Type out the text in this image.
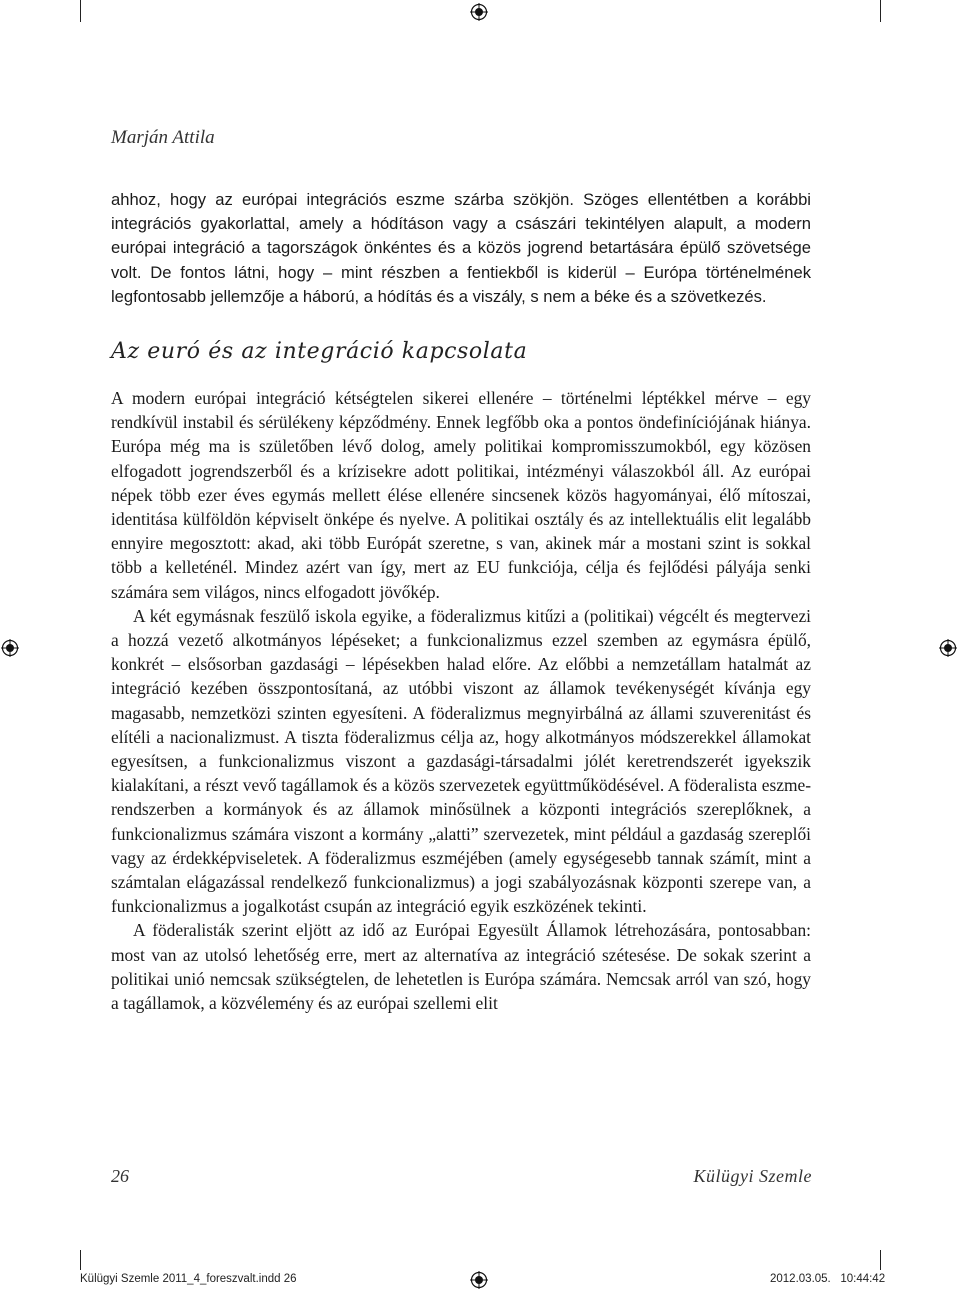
Marján Attila

ahhoz, hogy az európai integrációs eszme szárba szökjön. Szöges ellentétben a korábbi integrációs gyakorlattal, amely a hódításon vagy a császári tekintélyen alapult, a modern európai integráció a tagországok önkéntes és a közös jogrend betartására épülő szövetsége volt. De fontos látni, hogy – mint részben a fentiekből is kiderül – Európa történelmének legfontosabb jellemzője a háború, a hódítás és a viszály, s nem a béke és a szövetkezés.

Az euró és az integráció kapcsolata

A modern európai integráció kétségtelen sikerei ellenére – történelmi léptékkel mérve – egy rendkívül instabil és sérülékeny képződmény. Ennek legfőbb oka a pontos öndefiníciójának hiánya. Európa még ma is születőben lévő dolog, amely politikai kompromisszumokból, egy közösen elfogadott jogrendszerből és a krízisekre adott politikai, intézményi válaszokból áll. Az európai népek több ezer éves egymás mellett élése ellenére sincsenek közös hagyományai, élő mítoszai, identitása külföldön képviselt önképe és nyelve. A politikai osztály és az intellektuális elit legalább ennyire megosztott: akad, aki több Európát szeretne, s van, akinek már a mostani szint is sokkal több a kelleténél. Mindez azért van így, mert az EU funkciója, célja és fejlődési pályája senki számára sem világos, nincs elfogadott jövőkép.

A két egymásnak feszülő iskola egyike, a föderalizmus kitűzi a (politikai) végcélt és megtervezi a hozzá vezető alkotmányos lépéseket; a funkcionalizmus ezzel szemben az egymásra épülő, konkrét – elsősorban gazdasági – lépésekben halad előre. Az előbbi a nemzetállam hatalmát az integráció kezében összpontosítaná, az utóbbi viszont az államok tevékenységét kívánja egy magasabb, nemzetközi szinten egyesíteni. A föderalizmus megnyirbálná az állami szuverenitást és elítéli a nacionalizmust. A tiszta föderalizmus célja az, hogy alkotmányos módszerekkel államokat egyesítsen, a funkcionalizmus viszont a gazdasági-társadalmi jólét keretrendszerét igyekszik kialakítani, a részt vevő tagállamok és a közös szervezetek együttműködésével. A föderalista eszmerendszerben a kormányok és az államok minősülnek a központi integrációs szereplőknek, a funkcionalizmus számára viszont a kormány „alatti” szervezetek, mint például a gazdaság szereplői vagy az érdekképviseletek. A föderalizmus eszméjében (amely egységesebb tannak számít, mint a számtalan elágazással rendelkező funkcionalizmus) a jogi szabályozásnak központi szerepe van, a funkcionalizmus a jogalkotást csupán az integráció egyik eszközének tekinti.

A föderalisták szerint eljött az idő az Európai Egyesült Államok létrehozására, pontosabban: most van az utolsó lehetőség erre, mert az alternatíva az integráció szétesése. De sokak szerint a politikai unió nemcsak szükségtelen, de lehetetlen is Európa számára. Nemcsak arról van szó, hogy a tagállamok, a közvélemény és az európai szellemi elit

26	Külügyi Szemle
Külügyi Szemle 2011_4_foreszvalt.indd 26	2012.03.05.   10:44:42
